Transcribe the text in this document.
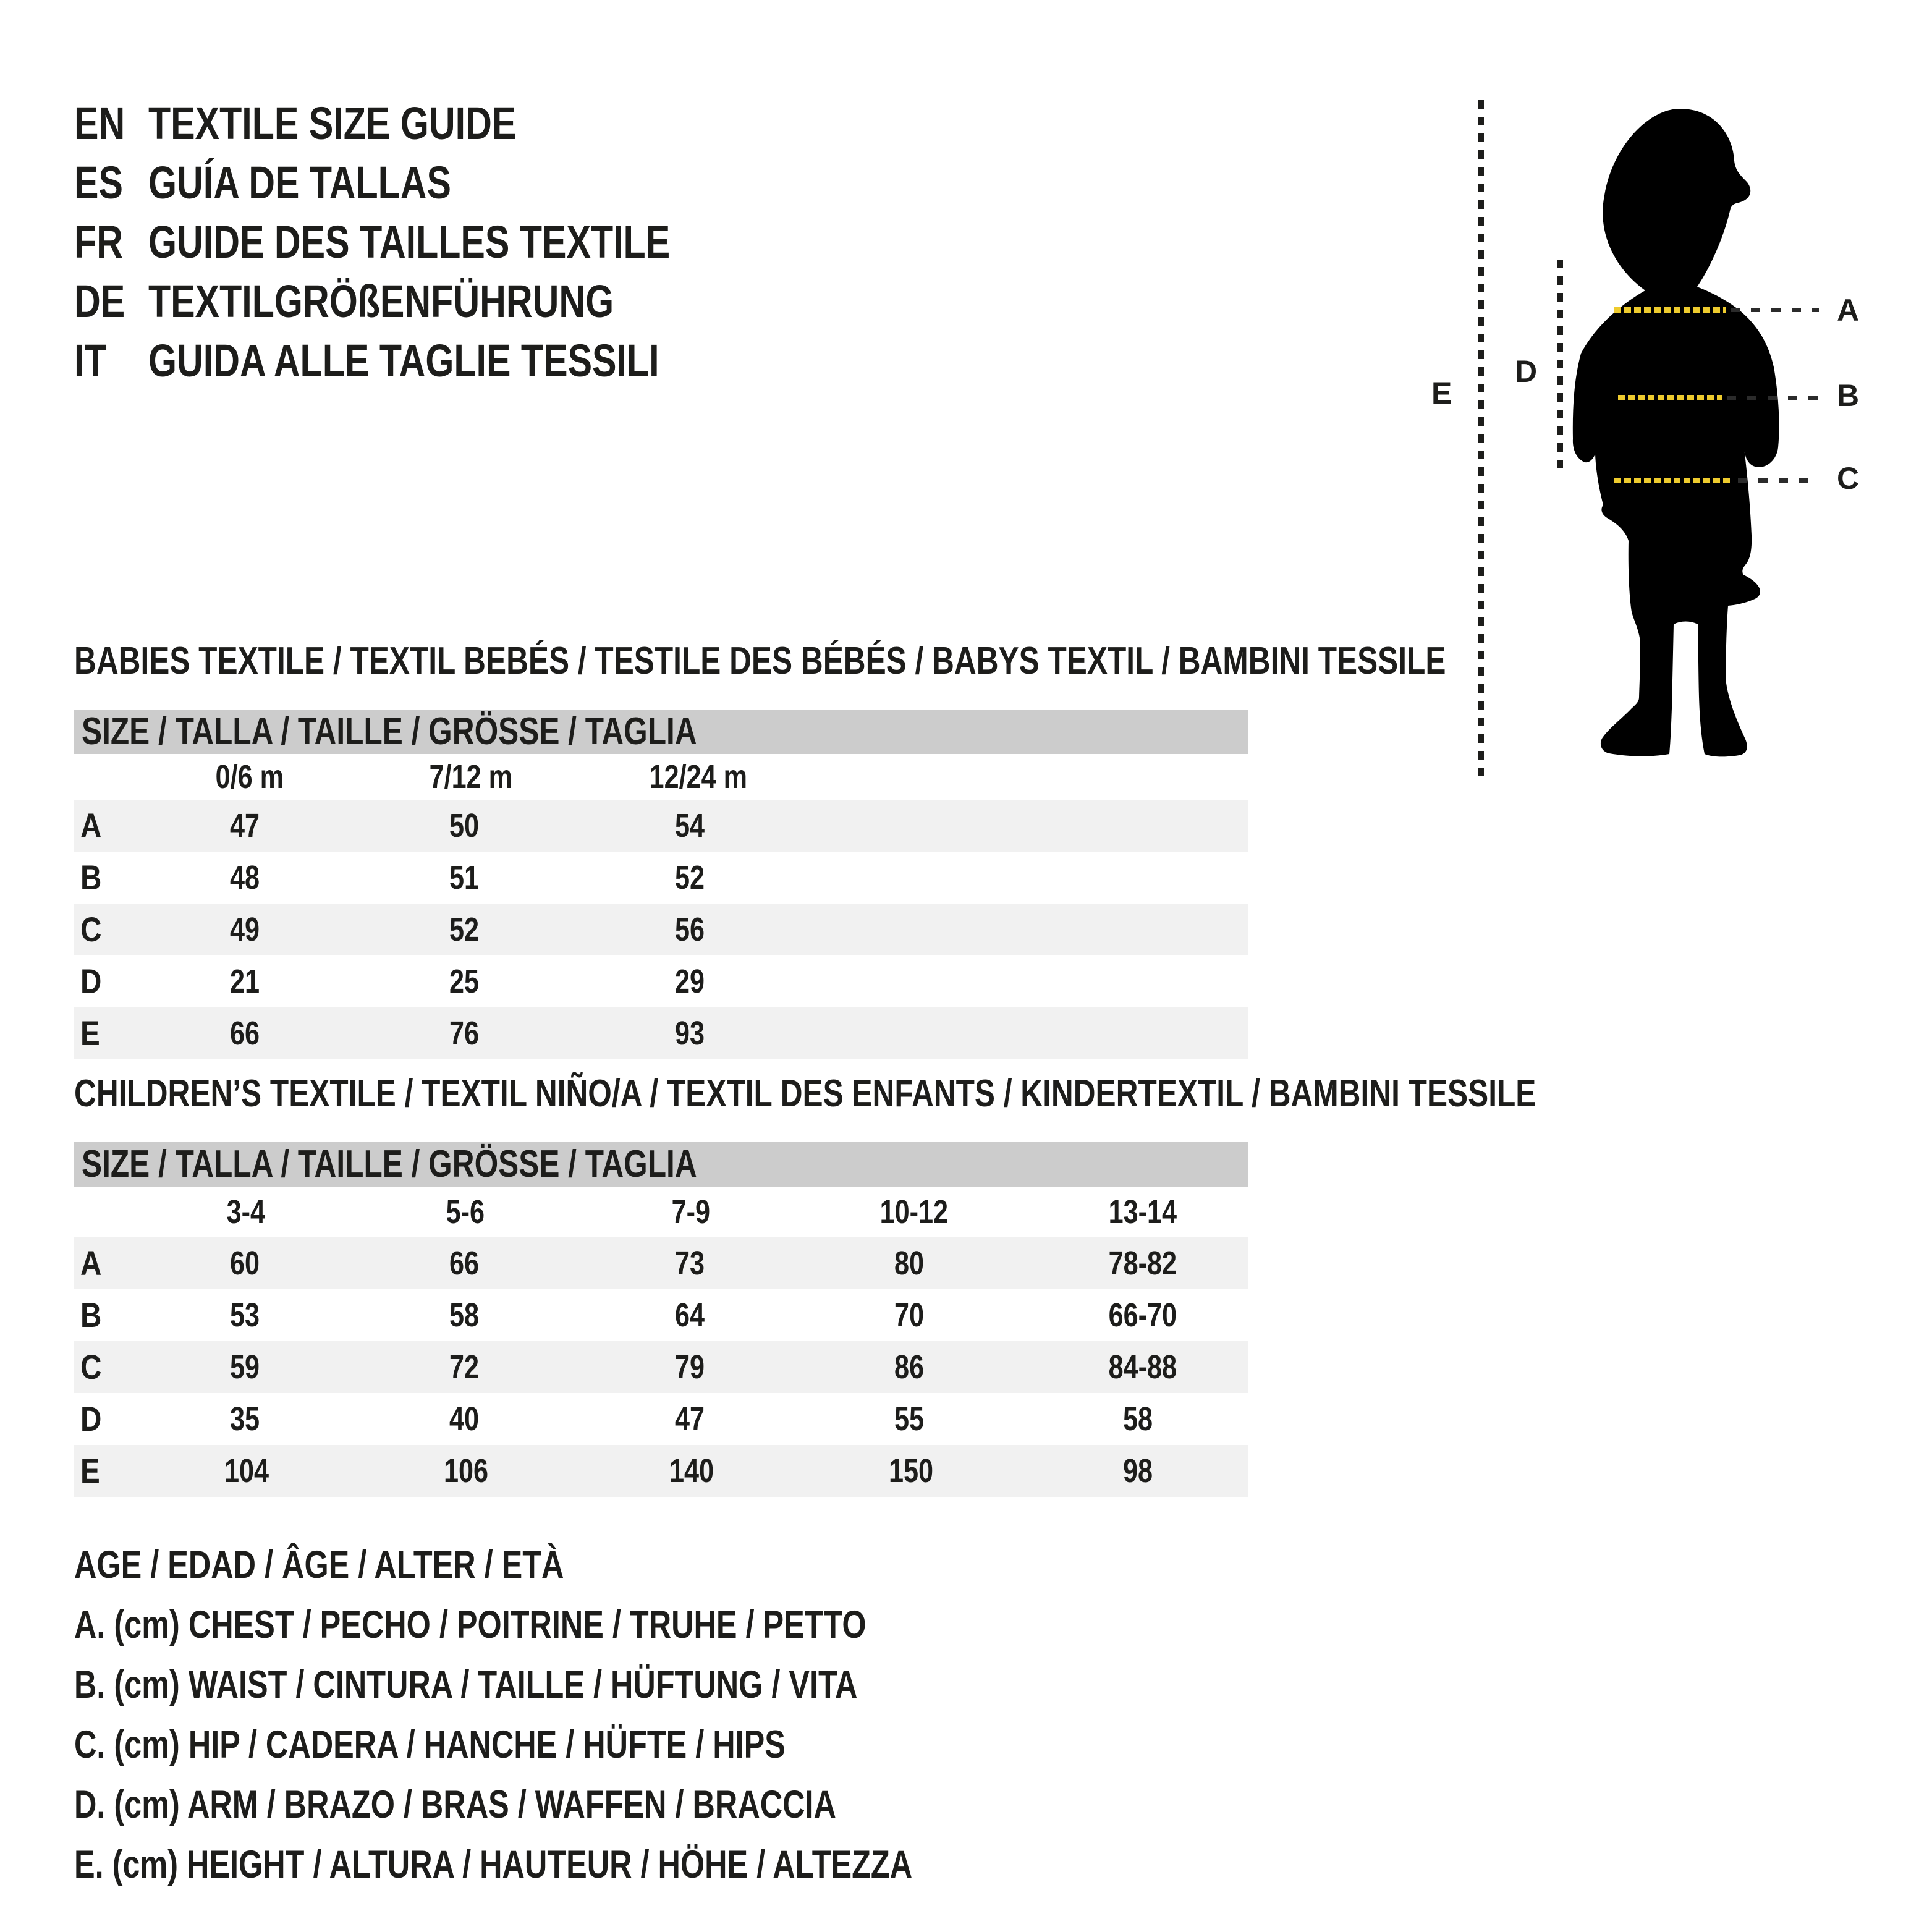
EN TEXTILE SIZE GUIDE
ES GUÍA DE TALLAS
FR GUIDE DES TAILLES TEXTILE
DE TEXTILGRÖßENFÜHRUNG
IT GUIDA ALLE TAGLIE TESSILI
BABIES TEXTILE / TEXTIL BEBÉS / TESTILE DES BÉBÉS / BABYS TEXTIL / BAMBINI TESSILE
SIZE / TALLA / TAILLE / GRÖSSE / TAGLIA
0/6 m	7/12 m	12/24 m
A	47	50	54
B	48	51	52
C	49	52	56
D	21	25	29
E	66	76	93
CHILDREN’S TEXTILE / TEXTIL NIÑO/A / TEXTIL DES ENFANTS / KINDERTEXTIL / BAMBINI TESSILE
SIZE / TALLA / TAILLE / GRÖSSE / TAGLIA
3-4	5-6	7-9	10-12	13-14
A	60	66	73	80	78-82
B	53	58	64	70	66-70
C	59	72	79	86	84-88
D	35	40	47	55	58
E	104	106	140	150	98
AGE / EDAD / ÂGE / ALTER / ETÀ
A. (cm) CHEST / PECHO / POITRINE / TRUHE / PETTO
B. (cm) WAIST / CINTURA / TAILLE / HÜFTUNG / VITA
C. (cm) HIP / CADERA / HANCHE / HÜFTE / HIPS
D. (cm) ARM / BRAZO / BRAS / WAFFEN / BRACCIA
E. (cm) HEIGHT / ALTURA / HAUTEUR / HÖHE / ALTEZZA
A
B
C
D
E
